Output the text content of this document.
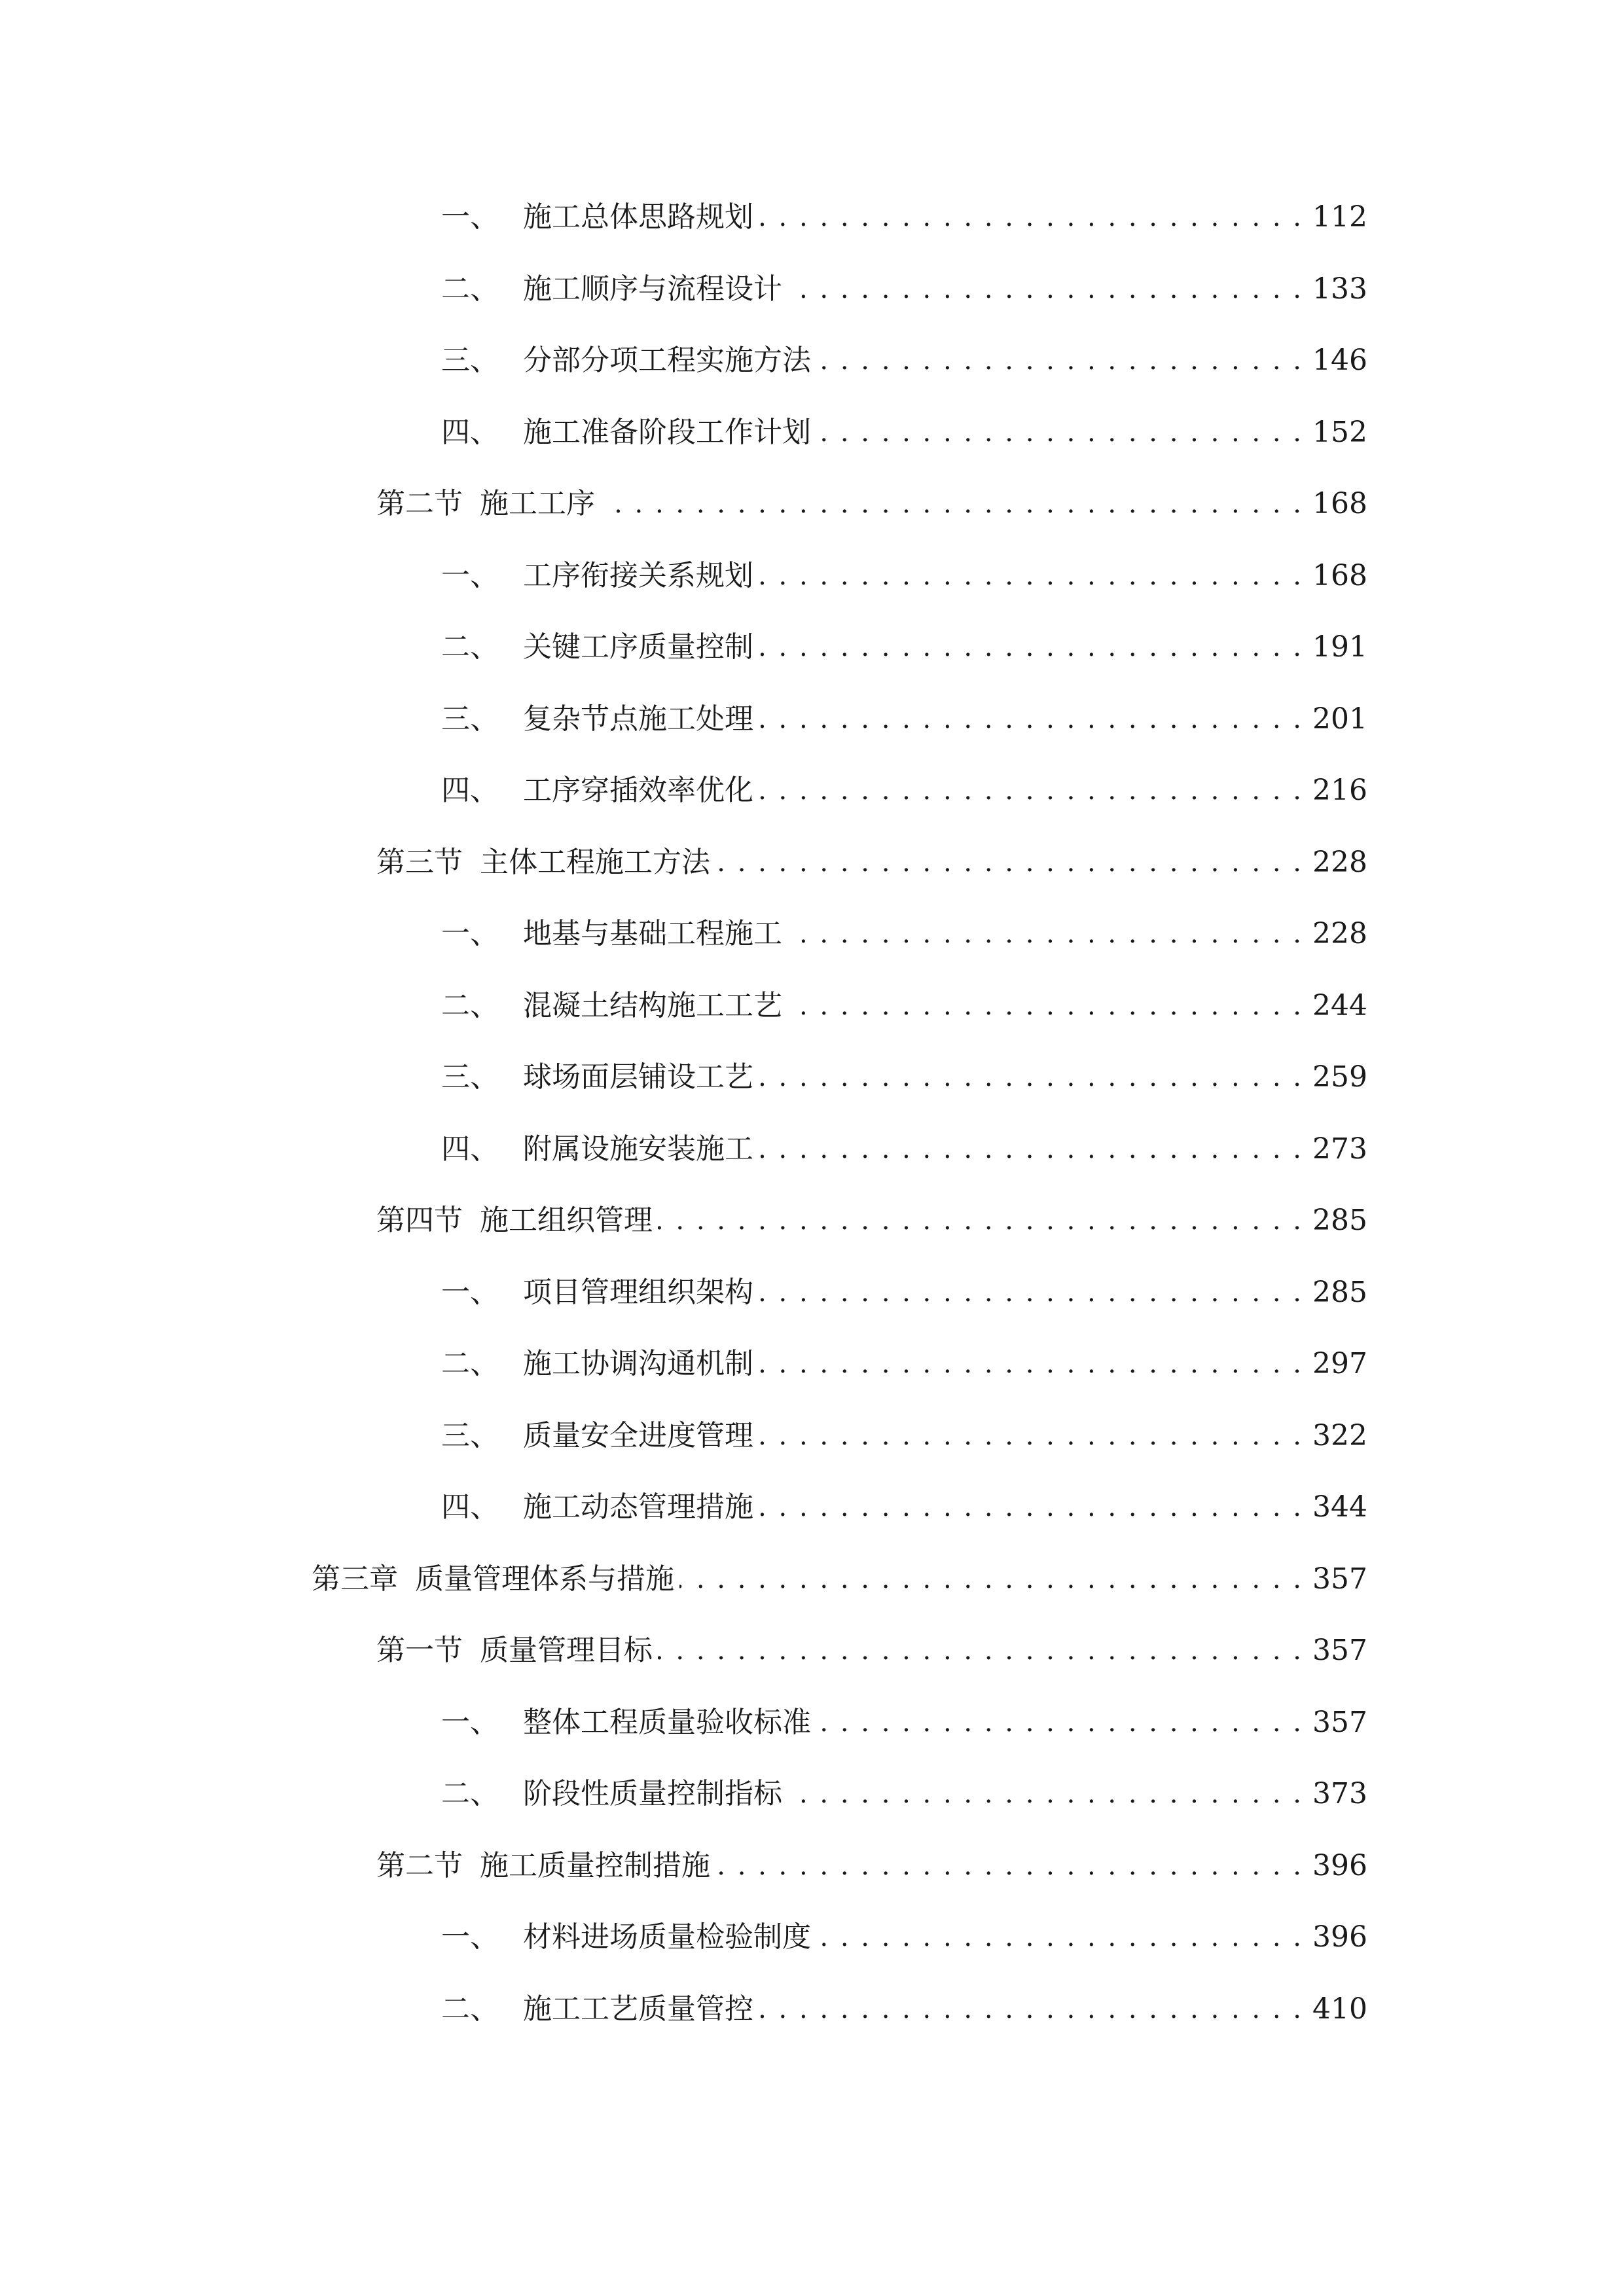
一、 施工总体思路规划 . . .	112
二、 施工顺序与流程设计 . . .	133
三、 分部分项工程实施方法 . . .	146
四、 施工准备阶段工作计划 . . .	152
第二节 施工工序 . . .	168
一、 工序衔接关系规划 . . .	168
二、 关键工序质量控制 . . .	191
三、 复杂节点施工处理 . . .	201
四、 工序穿插效率优化 . . .	216
第三节 主体工程施工方法 . . .	228
一、 地基与基础工程施工 . . .	228
二、 混凝土结构施工工艺 . . .	244
三、 球场面层铺设工艺 . . .	259
四、 附属设施安装施工 . . .	273
第四节 施工组织管理 . . .	285
一、 项目管理组织架构 . . .	285
二、 施工协调沟通机制 . . .	297
三、 质量安全进度管理 . . .	322
四、 施工动态管理措施 . . .	344
第三章 质量管理体系与措施 . . .	357
第一节 质量管理目标 . . .	357
一、 整体工程质量验收标准 . . .	357
二、 阶段性质量控制指标 . . .	373
第二节 施工质量控制措施 . . .	396
一、 材料进场质量检验制度 . . .	396
二、 施工工艺质量管控 . . .	410
